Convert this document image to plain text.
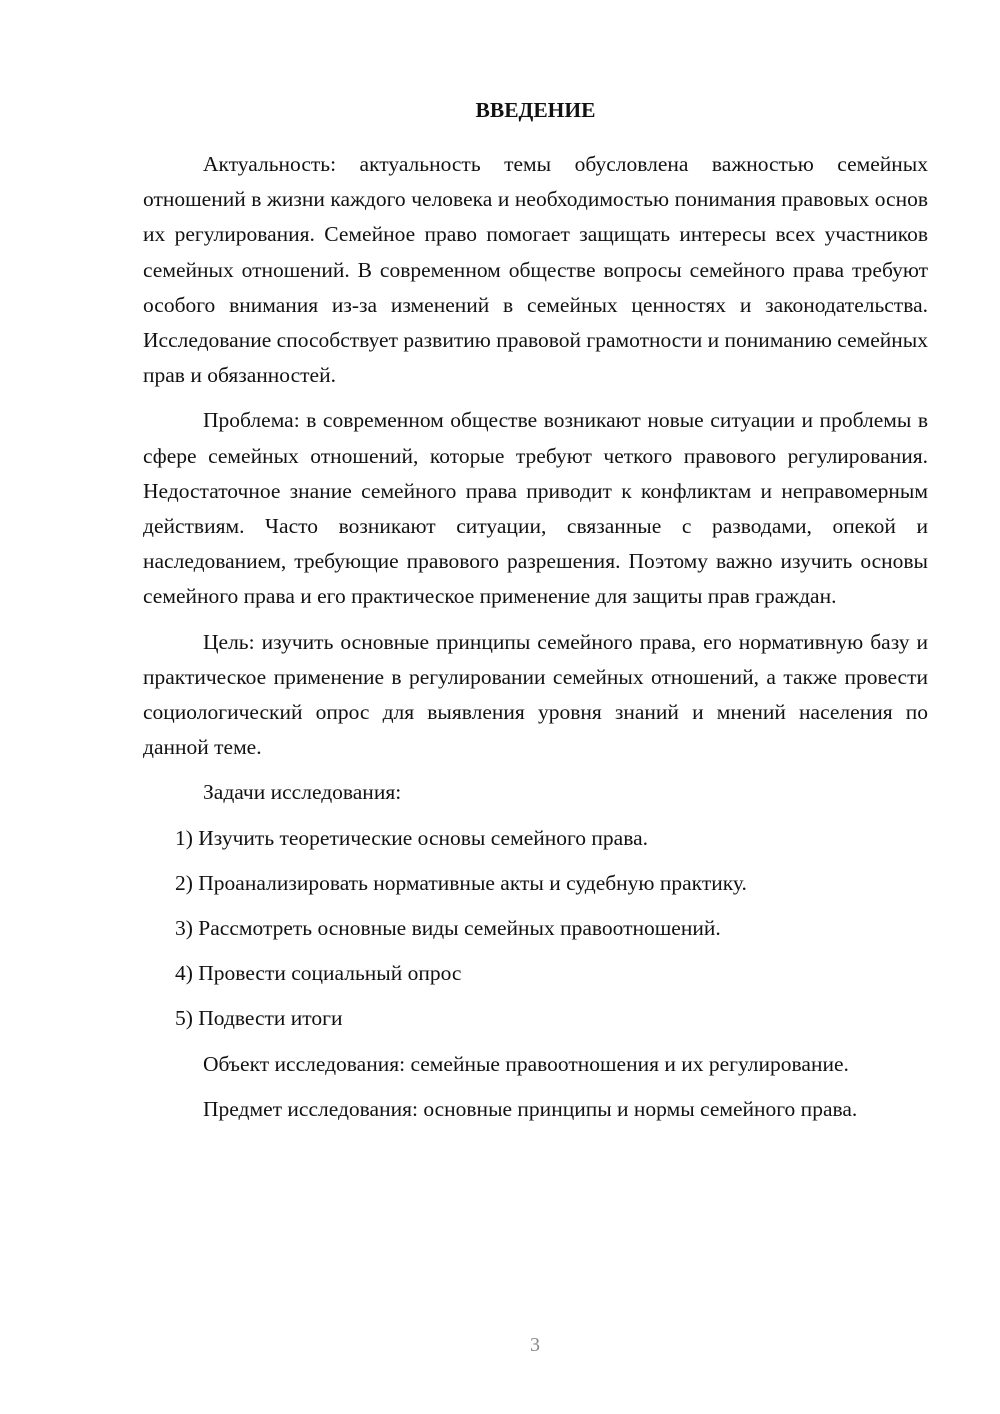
ВВЕДЕНИЕ

Актуальность: актуальность темы обусловлена важностью семейных отношений в жизни каждого человека и необходимостью понимания правовых основ их регулирования. Семейное право помогает защищать интересы всех участников семейных отношений. В современном обществе вопросы семейного права требуют особого внимания из-за изменений в семейных ценностях и законодательства. Исследование способствует развитию правовой грамотности и пониманию семейных прав и обязанностей.

Проблема: в современном обществе возникают новые ситуации и проблемы в сфере семейных отношений, которые требуют четкого правового регулирования. Недостаточное знание семейного права приводит к конфликтам и неправомерным действиям. Часто возникают ситуации, связанные с разводами, опекой и наследованием, требующие правового разрешения. Поэтому важно изучить основы семейного права и его практическое применение для защиты прав граждан.

Цель: изучить основные принципы семейного права, его нормативную базу и практическое применение в регулировании семейных отношений, а также провести социологический опрос для выявления уровня знаний и мнений населения по данной теме.

Задачи исследования:
1) Изучить теоретические основы семейного права.
2) Проанализировать нормативные акты и судебную практику.
3) Рассмотреть основные виды семейных правоотношений.
4) Провести социальный опрос
5) Подвести итоги

Объект исследования: семейные правоотношения и их регулирование.

Предмет исследования: основные принципы и нормы семейного права.

3
